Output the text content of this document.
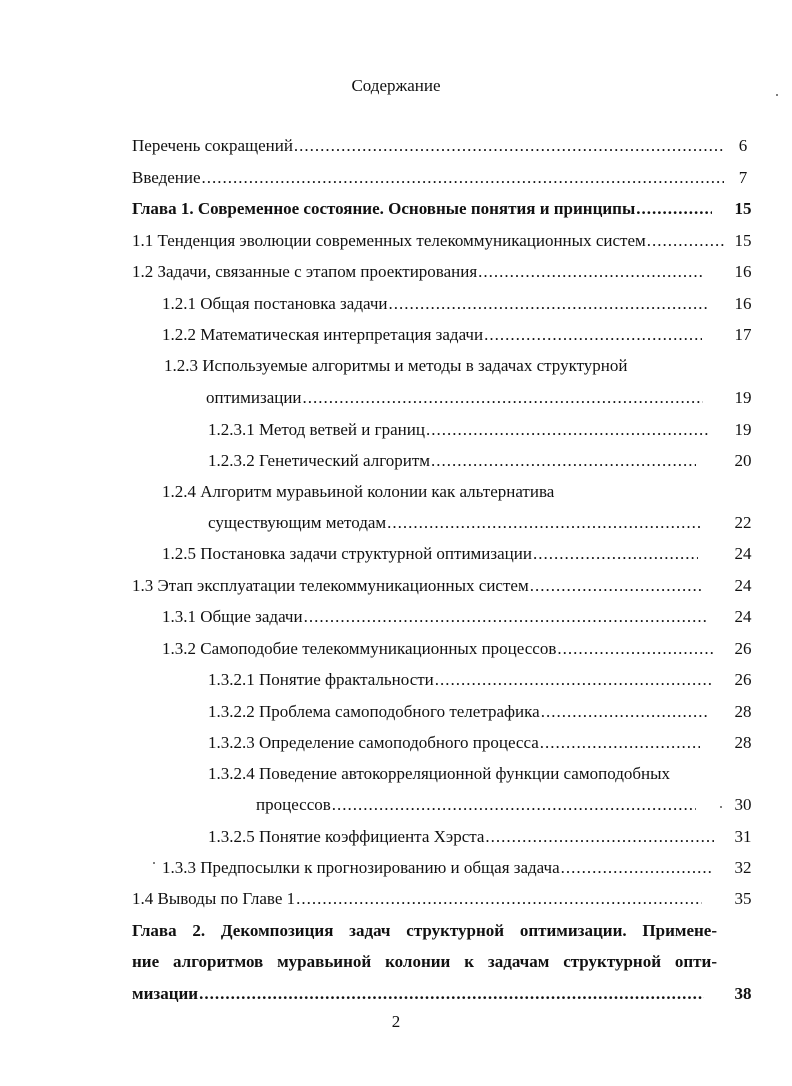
Содержание
Перечень сокращений .....	6
Введение .....	7
Глава 1. Современное состояние. Основные понятия и принципы .....	15
1.1 Тенденция эволюции современных телекоммуникационных систем .....	15
1.2 Задачи, связанные с этапом проектирования .....	16
1.2.1 Общая постановка задачи .....	16
1.2.2 Математическая интерпретация задачи .....	17
1.2.3 Используемые алгоритмы и методы в задачах структурной
оптимизации .....	19
1.2.3.1 Метод ветвей и границ .....	19
1.2.3.2 Генетический алгоритм .....	20
1.2.4 Алгоритм муравьиной колонии как альтернатива
существующим методам .....	22
1.2.5 Постановка задачи структурной оптимизации .....	24
1.3 Этап эксплуатации телекоммуникационных систем .....	24
1.3.1 Общие задачи .....	24
1.3.2 Самоподобие телекоммуникационных процессов .....	26
1.3.2.1 Понятие фрактальности .....	26
1.3.2.2 Проблема самоподобного телетрафика .....	28
1.3.2.3 Определение самоподобного процесса .....	28
1.3.2.4 Поведение автокорреляционной функции самоподобных
процессов .....	30
1.3.2.5 Понятие коэффициента Хэрста .....	31
1.3.3 Предпосылки к прогнозированию и общая задача .....	32
1.4 Выводы по Главе 1 .....	35
Глава 2. Декомпозиция задач структурной оптимизации. Примене-
ние алгоритмов муравьиной колонии к задачам структурной опти-
мизации .....	38
2
